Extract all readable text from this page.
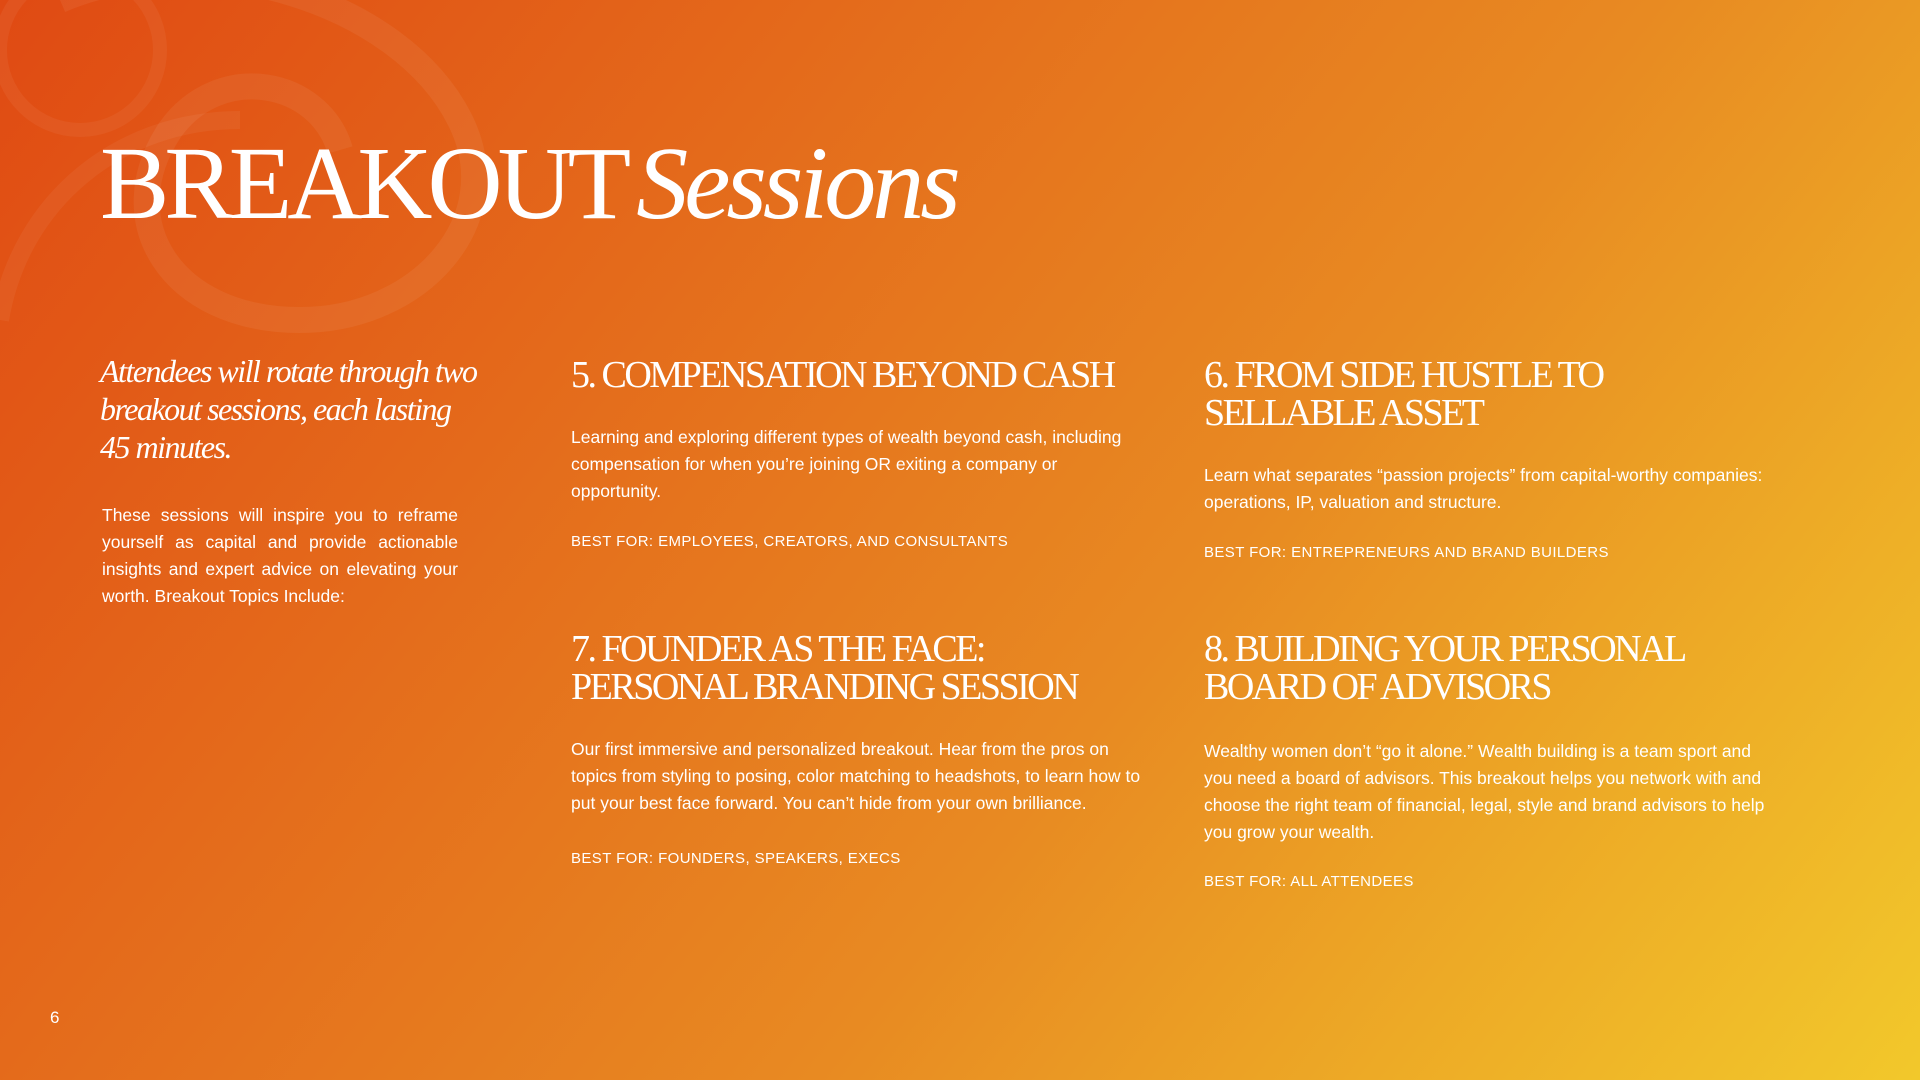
BREAKOUTSessions

Attendees will rotate through two breakout sessions, each lasting 45 minutes.

These sessions will inspire you to reframe yourself as capital and provide actionable insights and expert advice on elevating your worth. Breakout Topics Include:

5. COMPENSATION BEYOND CASH

Learning and exploring different types of wealth beyond cash, including compensation for when you’re joining OR exiting a company or opportunity.

BEST FOR: EMPLOYEES, CREATORS, AND CONSULTANTS

6. FROM SIDE HUSTLE TO SELLABLE ASSET

Learn what separates “passion projects” from capital-worthy companies: operations, IP, valuation and structure.

BEST FOR: ENTREPRENEURS AND BRAND BUILDERS

7. FOUNDER AS THE FACE: PERSONAL BRANDING SESSION

Our first immersive and personalized breakout. Hear from the pros on topics from styling to posing, color matching to headshots, to learn how to put your best face forward. You can’t hide from your own brilliance.

BEST FOR: FOUNDERS, SPEAKERS, EXECS

8. BUILDING YOUR PERSONAL BOARD OF ADVISORS

Wealthy women don’t “go it alone.” Wealth building is a team sport and you need a board of advisors. This breakout helps you network with and choose the right team of financial, legal, style and brand advisors to help you grow your wealth.

BEST FOR: ALL ATTENDEES

6
